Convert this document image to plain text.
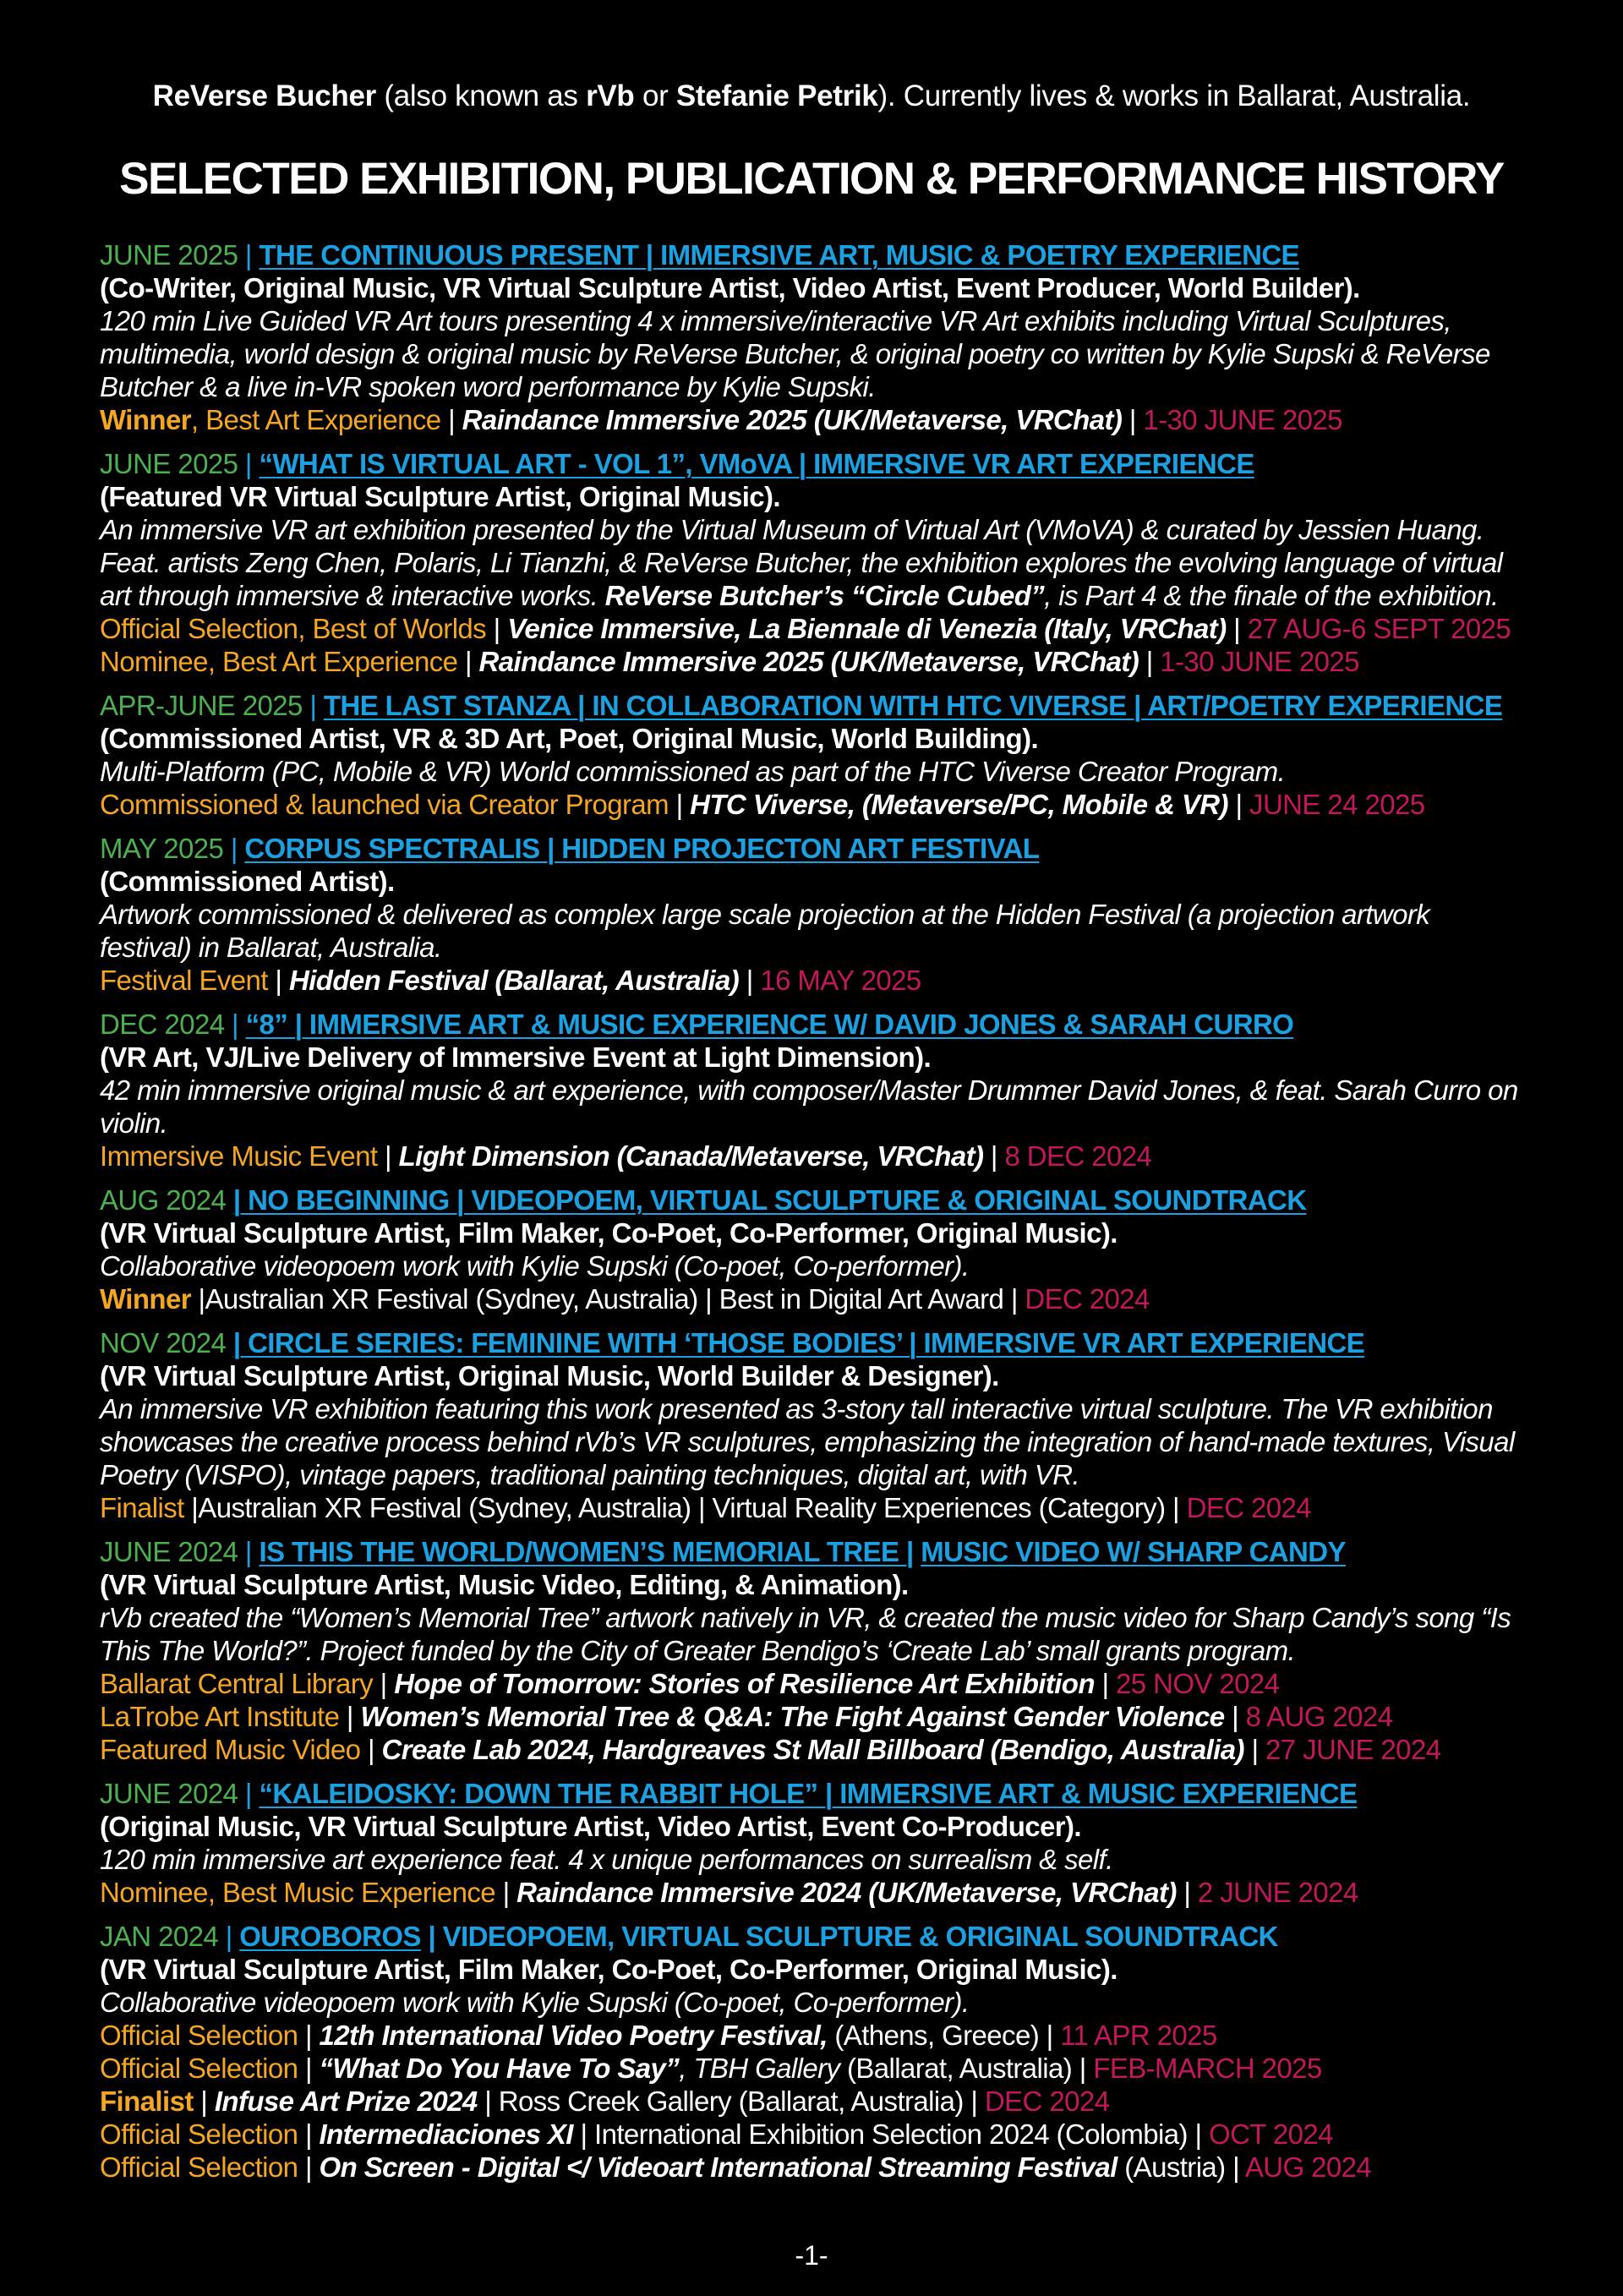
ReVerse Bucher (also known as rVb or Stefanie Petrik). Currently lives & works in Ballarat, Australia.
SELECTED EXHIBITION, PUBLICATION & PERFORMANCE HISTORY
JUNE 2025 | THE CONTINUOUS PRESENT | IMMERSIVE ART, MUSIC & POETRY EXPERIENCE
(Co-Writer, Original Music, VR Virtual Sculpture Artist, Video Artist, Event Producer, World Builder).
120 min Live Guided VR Art tours presenting 4 x immersive/interactive VR Art exhibits including Virtual Sculptures, multimedia, world design & original music by ReVerse Butcher, & original poetry co written by Kylie Supski & ReVerse Butcher & a live in-VR spoken word performance by Kylie Supski.
Winner, Best Art Experience | Raindance Immersive 2025 (UK/Metaverse, VRChat) | 1-30 JUNE 2025
JUNE 2025 | “WHAT IS VIRTUAL ART - VOL 1”, VMoVA | IMMERSIVE VR ART EXPERIENCE
(Featured VR Virtual Sculpture Artist, Original Music).
An immersive VR art exhibition presented by the Virtual Museum of Virtual Art (VMoVA) & curated by Jessien Huang. Feat. artists Zeng Chen, Polaris, Li Tianzhi, & ReVerse Butcher, the exhibition explores the evolving language of virtual art through immersive & interactive works. ReVerse Butcher’s “Circle Cubed”, is Part 4 & the finale of the exhibition.
Official Selection, Best of Worlds | Venice Immersive, La Biennale di Venezia (Italy, VRChat) | 27 AUG-6 SEPT 2025
Nominee, Best Art Experience | Raindance Immersive 2025 (UK/Metaverse, VRChat) | 1-30 JUNE 2025
APR-JUNE 2025 | THE LAST STANZA | IN COLLABORATION WITH HTC VIVERSE | ART/POETRY EXPERIENCE
(Commissioned Artist, VR & 3D Art, Poet, Original Music, World Building).
Multi-Platform (PC, Mobile & VR) World commissioned as part of the HTC Viverse Creator Program.
Commissioned & launched via Creator Program | HTC Viverse, (Metaverse/PC, Mobile & VR) | JUNE 24 2025
MAY 2025 | CORPUS SPECTRALIS | HIDDEN PROJECTON ART FESTIVAL
(Commissioned Artist).
Artwork commissioned & delivered as complex large scale projection at the Hidden Festival (a projection artwork festival) in Ballarat, Australia.
Festival Event | Hidden Festival (Ballarat, Australia) | 16 MAY 2025
DEC 2024 | “8” | IMMERSIVE ART & MUSIC EXPERIENCE W/ DAVID JONES & SARAH CURRO
(VR Art, VJ/Live Delivery of Immersive Event at Light Dimension).
42 min immersive original music & art experience, with composer/Master Drummer David Jones, & feat. Sarah Curro on violin.
Immersive Music Event | Light Dimension (Canada/Metaverse, VRChat) | 8 DEC 2024
AUG 2024 | NO BEGINNING | VIDEOPOEM, VIRTUAL SCULPTURE & ORIGINAL SOUNDTRACK
(VR Virtual Sculpture Artist, Film Maker, Co-Poet, Co-Performer, Original Music).
Collaborative videopoem work with Kylie Supski (Co-poet, Co-performer).
Winner |Australian XR Festival (Sydney, Australia) | Best in Digital Art Award | DEC 2024
NOV 2024 | CIRCLE SERIES: FEMININE WITH ‘THOSE BODIES’ | IMMERSIVE VR ART EXPERIENCE
(VR Virtual Sculpture Artist, Original Music, World Builder & Designer).
An immersive VR exhibition featuring this work presented as 3-story tall interactive virtual sculpture. The VR exhibition showcases the creative process behind rVb’s VR sculptures, emphasizing the integration of hand-made textures, Visual Poetry (VISPO), vintage papers, traditional painting techniques, digital art, with VR.
Finalist |Australian XR Festival (Sydney, Australia) | Virtual Reality Experiences (Category) | DEC 2024
JUNE 2024 | IS THIS THE WORLD/WOMEN’S MEMORIAL TREE | MUSIC VIDEO W/ SHARP CANDY
(VR Virtual Sculpture Artist, Music Video, Editing, & Animation).
rVb created the “Women’s Memorial Tree” artwork natively in VR, & created the music video for Sharp Candy’s song “Is This The World?”. Project funded by the City of Greater Bendigo’s ‘Create Lab’ small grants program.
Ballarat Central Library | Hope of Tomorrow: Stories of Resilience Art Exhibition | 25 NOV 2024
LaTrobe Art Institute | Women’s Memorial Tree & Q&A: The Fight Against Gender Violence | 8 AUG 2024
Featured Music Video | Create Lab 2024, Hardgreaves St Mall Billboard (Bendigo, Australia) | 27 JUNE 2024
JUNE 2024 | “KALEIDOSKY: DOWN THE RABBIT HOLE” | IMMERSIVE ART & MUSIC EXPERIENCE
(Original Music, VR Virtual Sculpture Artist, Video Artist, Event Co-Producer).
120 min immersive art experience feat. 4 x unique performances on surrealism & self.
Nominee, Best Music Experience | Raindance Immersive 2024 (UK/Metaverse, VRChat) | 2 JUNE 2024
JAN 2024 | OUROBOROS | VIDEOPOEM, VIRTUAL SCULPTURE & ORIGINAL SOUNDTRACK
(VR Virtual Sculpture Artist, Film Maker, Co-Poet, Co-Performer, Original Music).
Collaborative videopoem work with Kylie Supski (Co-poet, Co-performer).
Official Selection | 12th International Video Poetry Festival, (Athens, Greece) | 11 APR 2025
Official Selection | “What Do You Have To Say”, TBH Gallery (Ballarat, Australia) | FEB-MARCH 2025
Finalist | Infuse Art Prize 2024 | Ross Creek Gallery (Ballarat, Australia) | DEC 2024
Official Selection | Intermediaciones XI | International Exhibition Selection 2024 (Colombia) | OCT 2024
Official Selection | On Screen - Digital </ Videoart International Streaming Festival (Austria) | AUG 2024
-1-
